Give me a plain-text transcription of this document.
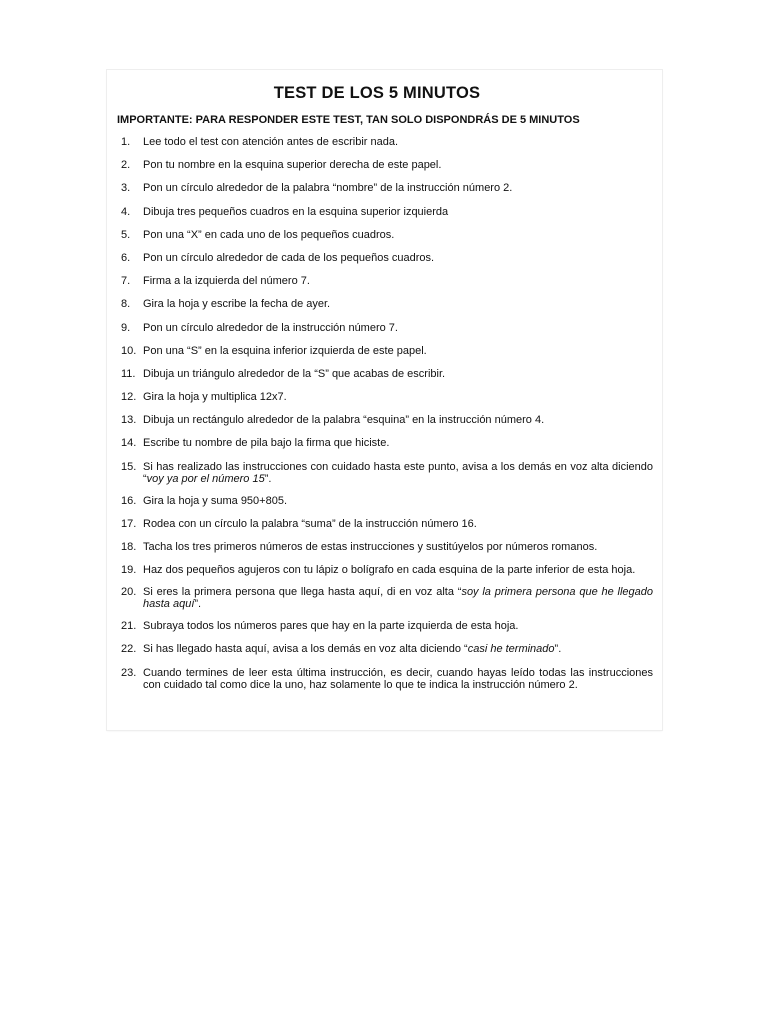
TEST DE LOS 5 MINUTOS
IMPORTANTE: PARA RESPONDER ESTE TEST, TAN SOLO DISPONDRÁS DE 5 MINUTOS
1.	Lee todo el test con atención antes de escribir nada.
2.	Pon tu nombre en la esquina superior derecha de este papel.
3.	Pon un círculo alrededor de la palabra “nombre” de la instrucción número 2.
4.	Dibuja tres pequeños cuadros en la esquina superior izquierda
5.	Pon una “X” en cada uno de los pequeños cuadros.
6.	Pon un círculo alrededor de cada de los pequeños cuadros.
7.	Firma a la izquierda del número 7.
8.	Gira la hoja y escribe la fecha de ayer.
9.	Pon un círculo alrededor de la instrucción número 7.
10. Pon una “S” en la esquina inferior izquierda de este papel.
11. Dibuja un triángulo alrededor de la “S” que acabas de escribir.
12. Gira la hoja y multiplica 12x7.
13. Dibuja un rectángulo alrededor de la palabra “esquina” en la instrucción número 4.
14. Escribe tu nombre de pila bajo la firma que hiciste.
15. Si has realizado las instrucciones con cuidado hasta este punto, avisa a los demás en voz alta diciendo “voy ya por el número 15”.
16. Gira la hoja y suma 950+805.
17. Rodea con un círculo la palabra “suma” de la instrucción número 16.
18. Tacha los tres primeros números de estas instrucciones y sustitúyelos por números romanos.
19. Haz dos pequeños agujeros con tu lápiz o bolígrafo en cada esquina de la parte inferior de esta hoja.
20. Si eres la primera persona que llega hasta aquí, di en voz alta “soy la primera persona que he llegado hasta aquí”.
21. Subraya todos los números pares que hay en la parte izquierda de esta hoja.
22. Si has llegado hasta aquí, avisa a los demás en voz alta diciendo “casi he terminado”.
23. Cuando termines de leer esta última instrucción, es decir, cuando hayas leído todas las instrucciones con cuidado tal como dice la uno, haz solamente lo que te indica la instrucción número 2.
